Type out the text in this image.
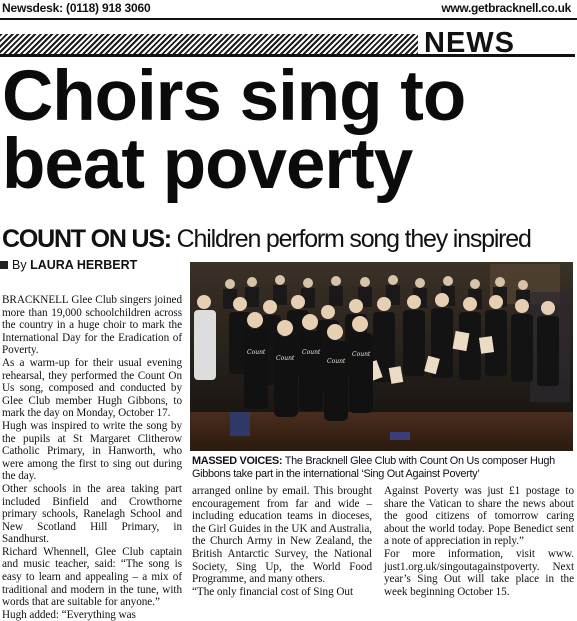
Newsdesk: (0118) 918 3060	www.getbracknell.co.uk
NEWS
Choirs sing to
beat poverty
COUNT ON US: Children perform song they inspired
By LAURA HERBERT

BRACKNELL Glee Club singers joined more than 19,000 schoolchildren across the country in a huge choir to mark the International Day for the Eradication of Poverty.

As a warm-up for their usual evening rehearsal, they performed the Count On Us song, composed and conducted by Glee Club member Hugh Gibbons, to mark the day on Monday, October 17.

Hugh was inspired to write the song by the pupils at St Margaret Clitherow Catholic Primary, in Hanworth, who were among the first to sing out during the day.

Other schools in the area taking part included Binfield and Crowthorne primary schools, Ranelagh School and New Scotland Hill Primary, in Sandhurst.

Richard Whennell, Glee Club captain and music teacher, said: “The song is easy to learn and appealing – a mix of traditional and modern in the tune, with words that are suitable for anyone.”

Hugh added: “Everything was

Count
Count
Count
Count
Count
MASSED VOICES: The Bracknell Glee Club with Count On Us composer Hugh Gibbons take part in the international ‘Sing Out Against Poverty’

arranged online by email. This brought encouragement from far and wide – including education teams in dioceses, the Girl Guides in the UK and Australia, the Church Army in New Zealand, the British Antarctic Survey, the National Society, Sing Up, the World Food Programme, and many others.

“The only financial cost of Sing Out

Against Poverty was just £1 postage to share the Vatican to share the news about the good citizens of tomorrow caring about the world today. Pope Benedict sent a note of appreciation in reply.”

For more information, visit www. just1.org.uk/singoutagainstpoverty. Next year’s Sing Out will take place in the week beginning October 15.
